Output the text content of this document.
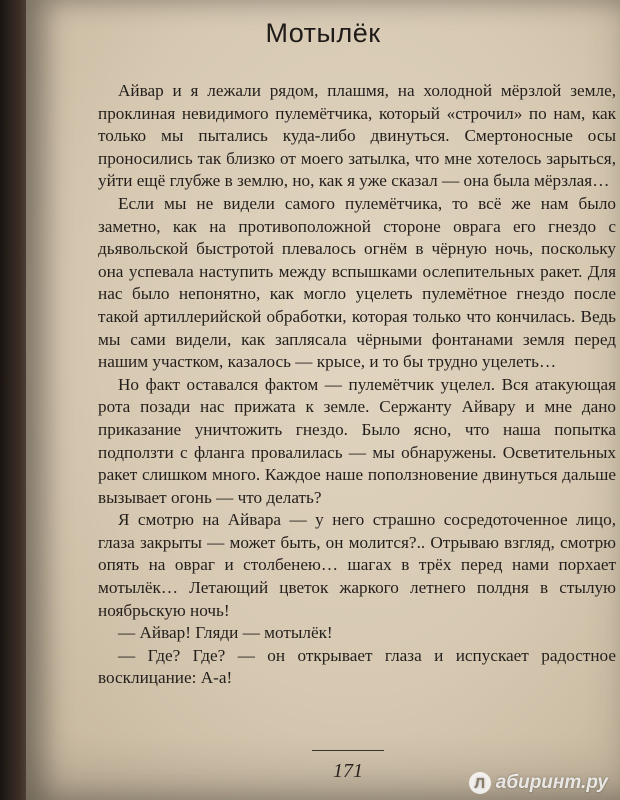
Мотылёк

Айвар и я лежали рядом, плашмя, на холодной мёрзлой земле, проклиная невидимого пулемётчика, который «строчил» по нам, как только мы пытались куда-либо двинуться. Смертоносные осы проносились так близко от моего затылка, что мне хотелось зарыться, уйти ещё глубже в землю, но, как я уже сказал — она была мёрзлая…

Если мы не видели самого пулемётчика, то всё же нам было заметно, как на противоположной стороне оврага его гнездо с дьявольской быстротой плевалось огнём в чёрную ночь, поскольку она успевала наступить между вспышками ослепительных ракет. Для нас было непонятно, как могло уцелеть пулемётное гнездо после такой артиллерийской обработки, которая только что кончилась. Ведь мы сами видели, как заплясала чёрными фонтанами земля перед нашим участком, казалось — крысе, и то бы трудно уцелеть…

Но факт оставался фактом — пулемётчик уцелел. Вся атакующая рота позади нас прижата к земле. Сержанту Айвару и мне дано приказание уничтожить гнездо. Было ясно, что наша попытка подползти с фланга провалилась — мы обнаружены. Осветительных ракет слишком много. Каждое наше поползновение двинуться дальше вызывает огонь — что делать?

Я смотрю на Айвара — у него страшно сосредоточенное лицо, глаза закрыты — может быть, он молится?.. Отрываю взгляд, смотрю опять на овраг и столбенею… шагах в трёх перед нами порхает мотылёк… Летающий цветок жаркого летнего полдня в стылую ноябрьскую ночь!

— Айвар! Гляди — мотылёк!

— Где? Где? — он открывает глаза и испускает радостное восклицание: А-а!

171
Л абиринт.ру
